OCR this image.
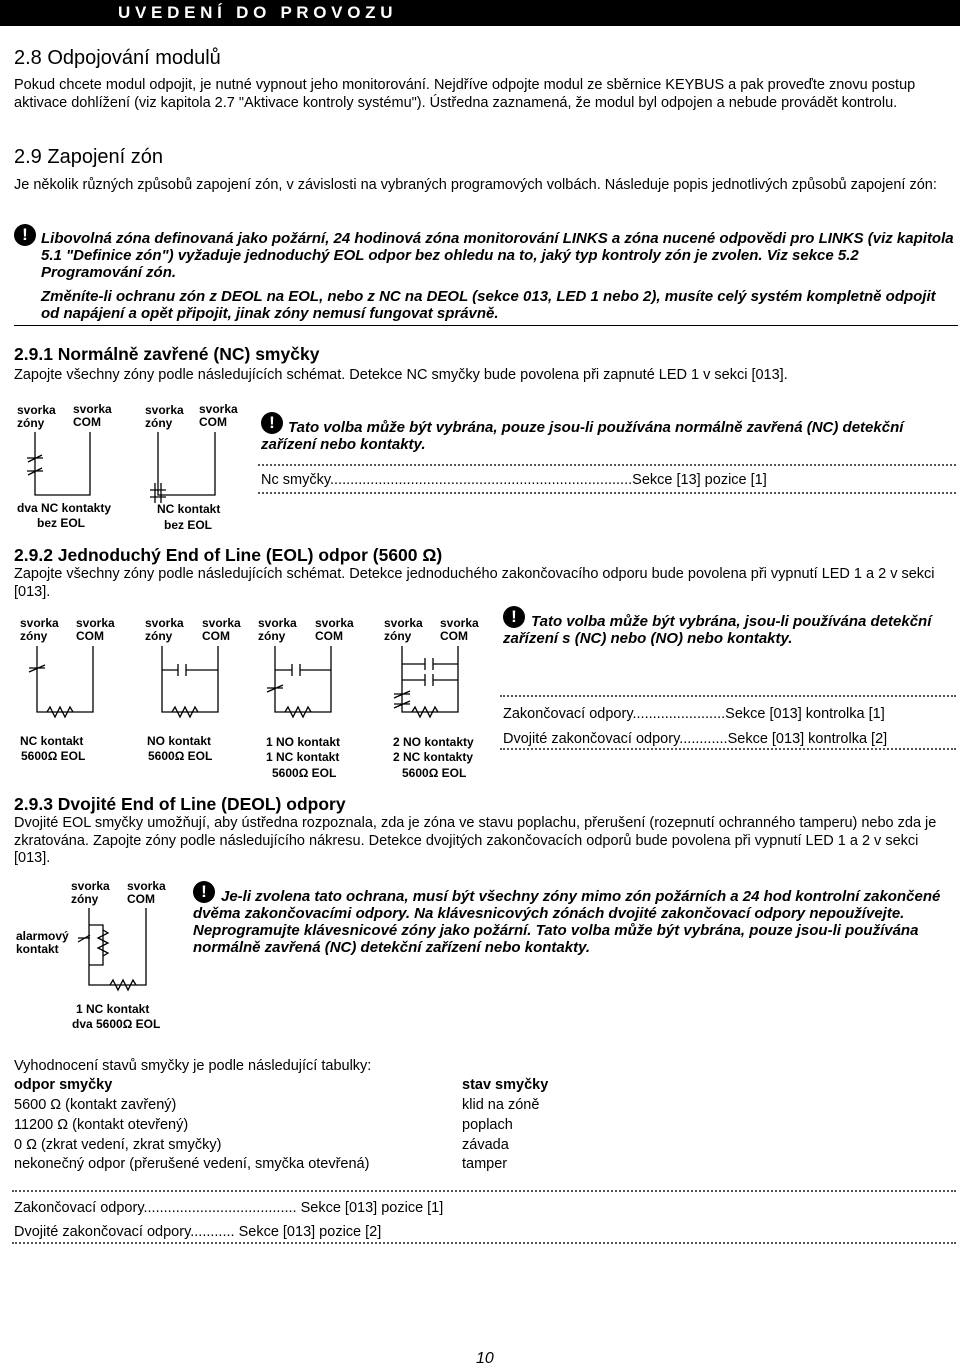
U V E D E N Í   D O   P R O V O Z U
2.8 Odpojování modulů
Pokud chcete modul odpojit, je nutné vypnout jeho monitorování. Nejdříve odpojte modul ze sběrnice KEYBUS a pak proveďte znovu postup aktivace dohlížení (viz kapitola 2.7 "Aktivace kontroly systému"). Ústředna zaznamená, že modul byl odpojen a nebude provádět kontrolu.
2.9 Zapojení zón
Je několik různých způsobů zapojení zón, v závislosti na vybraných programových volbách. Následuje popis jednotlivých způsobů zapojení zón:
! Libovolná zóna definovaná jako požární, 24 hodinová zóna monitorování LINKS a zóna nucené odpovědi pro LINKS (viz kapitola 5.1 "Definice zón") vyžaduje jednoduchý EOL odpor bez ohledu na to, jaký typ kontroly zón je zvolen. Viz sekce 5.2 Programování zón.
Změníte-li ochranu zón z DEOL na EOL, nebo z NC na DEOL (sekce 013, LED 1 nebo 2), musíte celý systém kompletně odpojit od napájení a opět připojit, jinak zóny nemusí fungovat správně.
2.9.1 Normálně zavřené (NC) smyčky
Zapojte všechny zóny podle následujících schémat. Detekce NC smyčky bude povolena při zapnuté LED 1 v sekci [013].
svorka zóny
svorka COM
dva NC kontakty
bez EOL
svorka zóny
svorka COM
NC kontakt
bez EOL
! Tato volba může být vybrána, pouze jsou-li používána normálně zavřená (NC) detekční zařízení nebo kontakty.
Nc smyčky...........................................................................Sekce [13] pozice [1]
2.9.2 Jednoduchý End of Line (EOL) odpor (5600 Ω)
Zapojte všechny zóny podle následujících schémat. Detekce jednoduchého zakončovacího odporu bude povolena při vypnutí LED 1 a 2 v sekci [013].
svorka zóny
svorka COM
svorka zóny
svorka COM
svorka zóny
svorka COM
svorka zóny
svorka COM
NC kontakt
5600Ω EOL
NO kontakt
5600Ω EOL
1 NO kontakt
1 NC kontakt
5600Ω EOL
2 NO kontakty
2 NC kontakty
5600Ω EOL
! Tato volba může být vybrána, jsou-li používána detekční zařízení s (NC) nebo (NO) nebo kontakty.
Zakončovací odpory.......................Sekce [013] kontrolka [1]
Dvojité zakončovací odpory............Sekce [013] kontrolka [2]
2.9.3 Dvojité End of Line (DEOL) odpory
Dvojité EOL smyčky umožňují, aby ústředna rozpoznala, zda je zóna ve stavu poplachu, přerušení (rozepnutí ochranného tamperu) nebo zda je zkratována. Zapojte zóny podle následujícího nákresu. Detekce dvojitých zakončovacích odporů bude povolena při vypnutí LED 1 a 2 v sekci [013].
svorka zóny
svorka COM
alarmový kontakt
1 NC kontakt
dva 5600Ω EOL
! Je-li zvolena tato ochrana, musí být všechny zóny mimo zón požárních a 24 hod kontrolní zakončené dvěma zakončovacími odpory. Na klávesnicových zónách dvojité zakončovací odpory nepoužívejte. Neprogramujte klávesnicové zóny jako požární. Tato volba může být vybrána, pouze jsou-li používána normálně zavřená (NC) detekční zařízení nebo kontakty.
Vyhodnocení stavů smyčky je podle následující tabulky:
odpor smyčky	stav smyčky
5600 Ω (kontakt zavřený)	klid na zóně
11200 Ω (kontakt otevřený)	poplach
0 Ω (zkrat vedení, zkrat smyčky)	závada
nekonečný odpor (přerušené vedení, smyčka otevřená)	tamper
Zakončovací odpory...................................... Sekce [013] pozice [1]
Dvojité zakončovací odpory........... Sekce [013] pozice [2]
10
